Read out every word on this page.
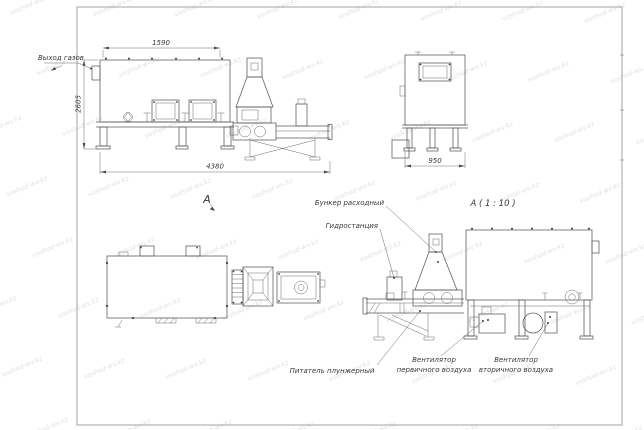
1590
2605
4380
Выход газов
950
А	А ( 1 : 10 )
Бункер расходный
Гидростанция
Питатель плунжерный
Вентилятор
первичного воздуха
Вентилятор
вторичного воздуха
